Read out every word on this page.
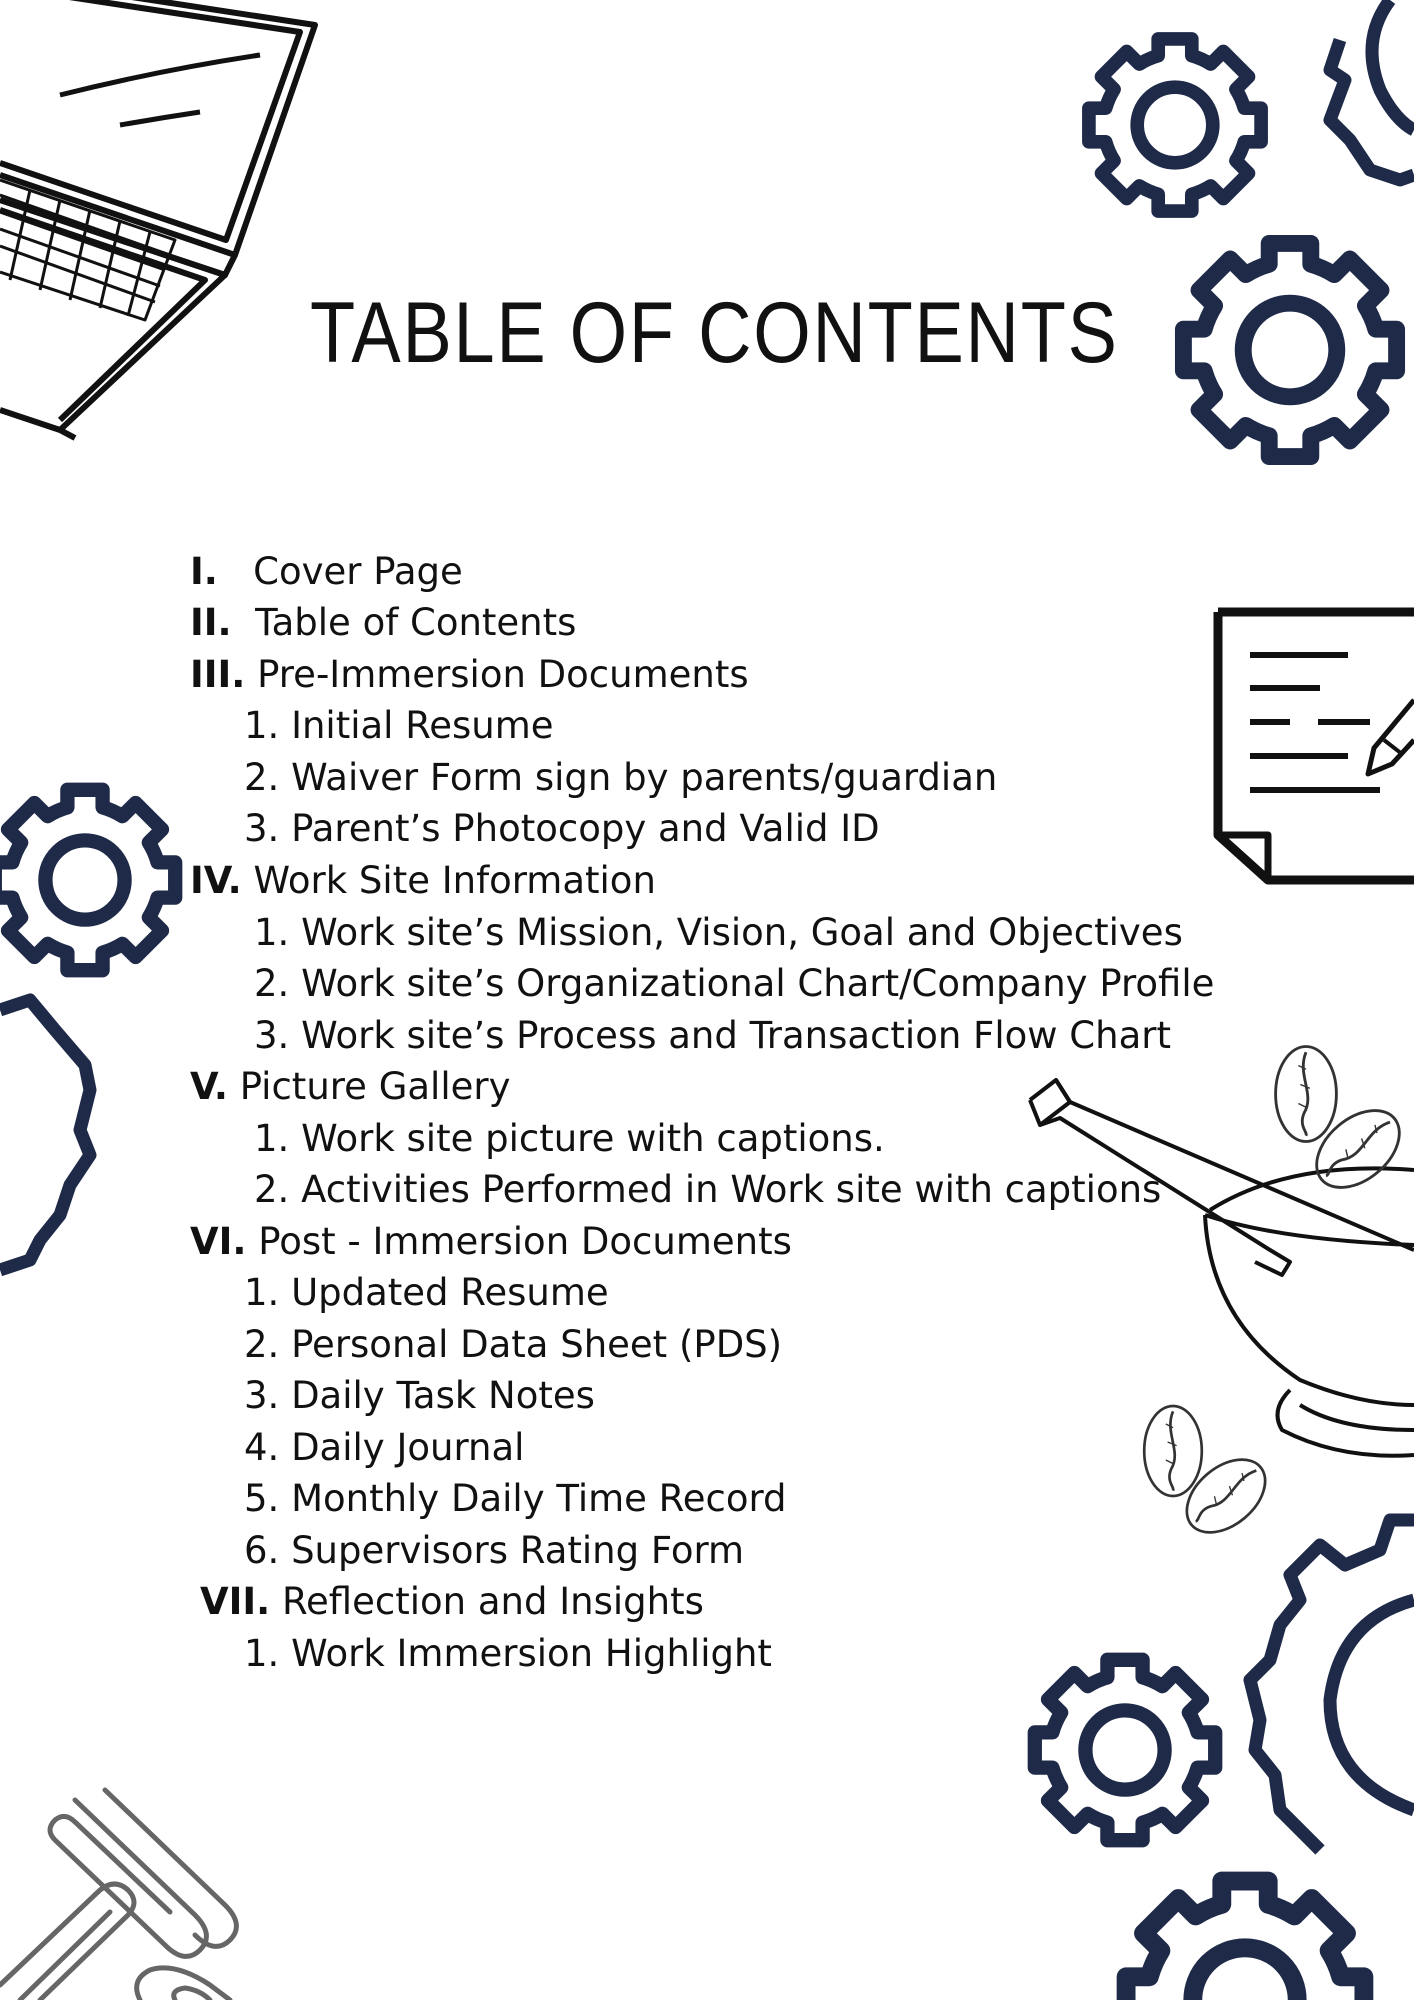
TABLE OF CONTENTS
I. Cover Page
II. Table of Contents
III. Pre-Immersion Documents
1. Initial Resume
2. Waiver Form sign by parents/guardian
3. Parent’s Photocopy and Valid ID
IV. Work Site Information
1. Work site’s Mission, Vision, Goal and Objectives
2. Work site’s Organizational Chart/Company Profile
3. Work site’s Process and Transaction Flow Chart
V. Picture Gallery
1. Work site picture with captions.
2. Activities Performed in Work site with captions
VI. Post - Immersion Documents
1. Updated Resume
2. Personal Data Sheet (PDS)
3. Daily Task Notes
4. Daily Journal
5. Monthly Daily Time Record
6. Supervisors Rating Form
VII. Reflection and Insights
1. Work Immersion Highlight
